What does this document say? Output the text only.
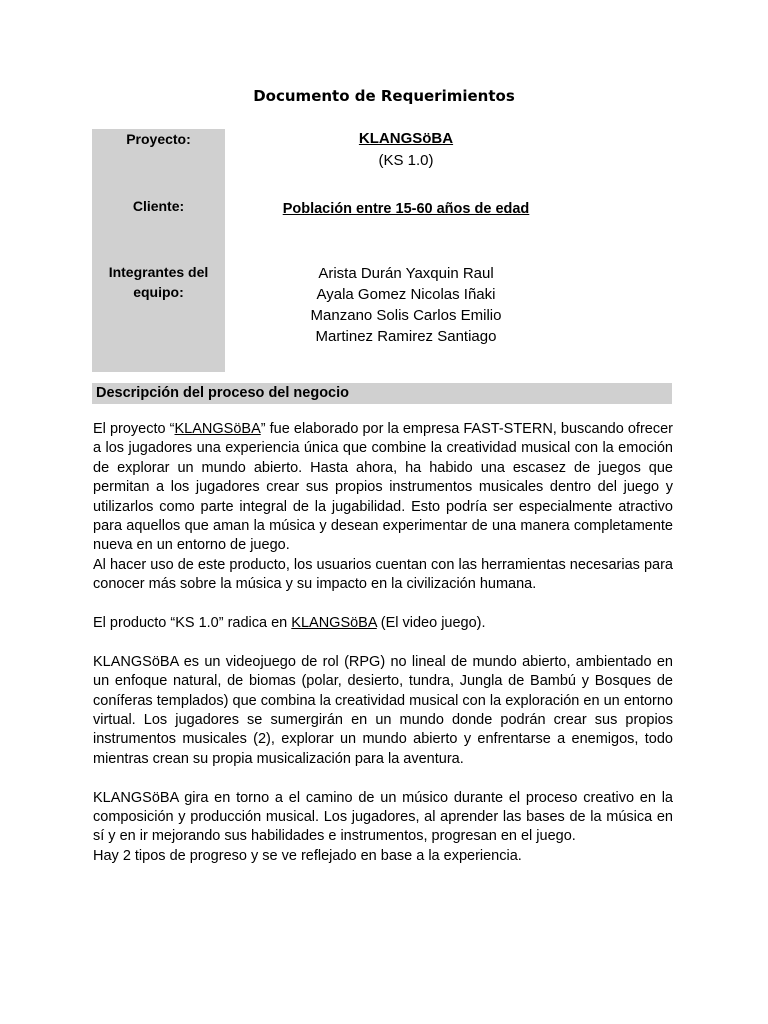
Documento de Requerimientos
Proyecto:
Cliente:
Integrantes del
equipo:
KLANGSöBA
(KS 1.0)
Población entre 15-60 años de edad
Arista Durán Yaxquin Raul
Ayala Gomez Nicolas Iñaki
Manzano Solis Carlos Emilio
Martinez Ramirez Santiago
Descripción del proceso del negocio

El proyecto “KLANGSöBA” fue elaborado por la empresa FAST-STERN, buscando ofrecer a los jugadores una experiencia única que combine la creatividad musical con la emoción de explorar un mundo abierto. Hasta ahora, ha habido una escasez de juegos que permitan a los jugadores crear sus propios instrumentos musicales dentro del juego y utilizarlos como parte integral de la jugabilidad. Esto podría ser especialmente atractivo para aquellos que aman la música y desean experimentar de una manera completamente nueva en un entorno de juego.

Al hacer uso de este producto, los usuarios cuentan con las herramientas necesarias para conocer más sobre la música y su impacto en la civilización humana.

El producto “KS 1.0” radica en KLANGSöBA (El video juego).

KLANGSöBA es un videojuego de rol (RPG) no lineal de mundo abierto, ambientado en un enfoque natural, de biomas (polar, desierto, tundra, Jungla de Bambú y Bosques de coníferas templados) que combina la creatividad musical con la exploración en un entorno virtual. Los jugadores se sumergirán en un mundo donde podrán crear sus propios instrumentos musicales (2), explorar un mundo abierto y enfrentarse a enemigos, todo mientras crean su propia musicalización para la aventura.

KLANGSöBA gira en torno a el camino de un músico durante el proceso creativo en la composición y producción musical. Los jugadores, al aprender las bases de la música en sí y en ir mejorando sus habilidades e instrumentos, progresan en el juego.

Hay 2 tipos de progreso y se ve reflejado en base a la experiencia.
